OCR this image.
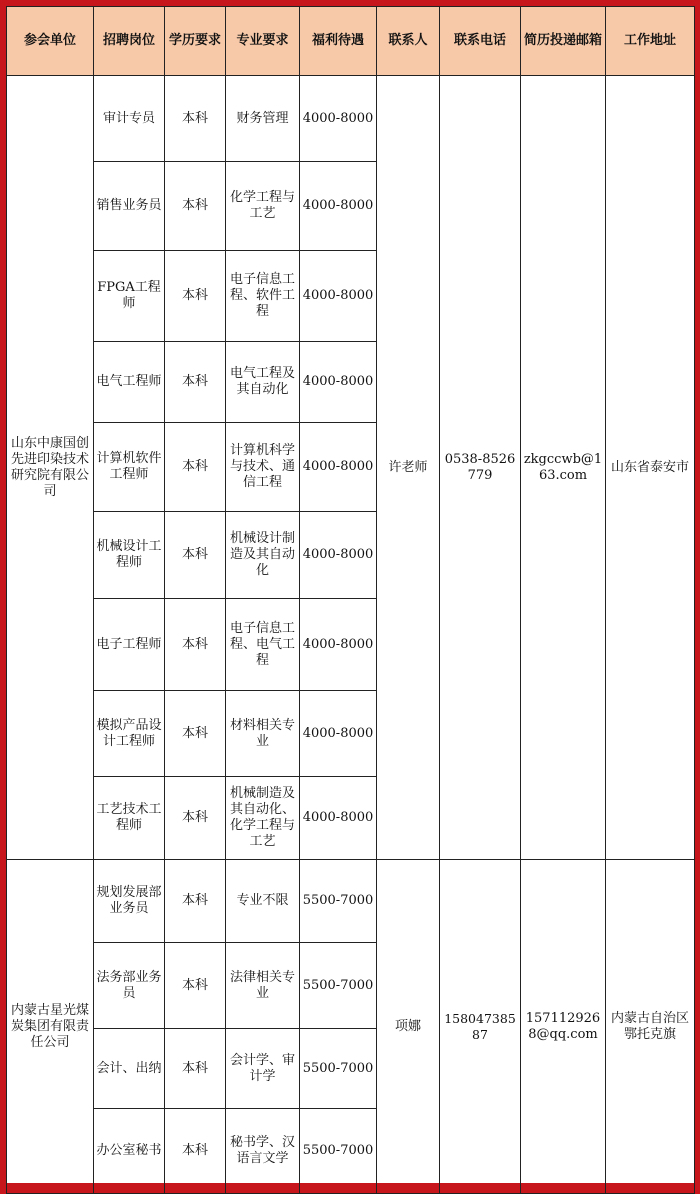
参会单位	招聘岗位	学历要求	专业要求	福利待遇	联系人	联系电话	简历投递邮箱	工作地址
山东中康国创先进印染技术研究院有限公司	审计专员	本科	财务管理	4000-8000	许老师	0538-8526779	zkgccwb@163.com	山东省泰安市
	销售业务员	本科	化学工程与工艺	4000-8000				
	FPGA工程师	本科	电子信息工程、软件工程	4000-8000				
	电气工程师	本科	电气工程及其自动化	4000-8000				
	计算机软件工程师	本科	计算机科学与技术、通信工程	4000-8000				
	机械设计工程师	本科	机械设计制造及其自动化	4000-8000				
	电子工程师	本科	电子信息工程、电气工程	4000-8000				
	模拟产品设计工程师	本科	材料相关专业	4000-8000				
	工艺技术工程师	本科	机械制造及其自动化、化学工程与工艺	4000-8000				
内蒙古星光煤炭集团有限责任公司	规划发展部业务员	本科	专业不限	5500-7000	项娜	15804738587	1571129268@qq.com	内蒙古自治区鄂托克旗
	法务部业务员	本科	法律相关专业	5500-7000				
	会计、出纳	本科	会计学、审计学	5500-7000				
	办公室秘书	本科	秘书学、汉语言文学	5500-7000				
